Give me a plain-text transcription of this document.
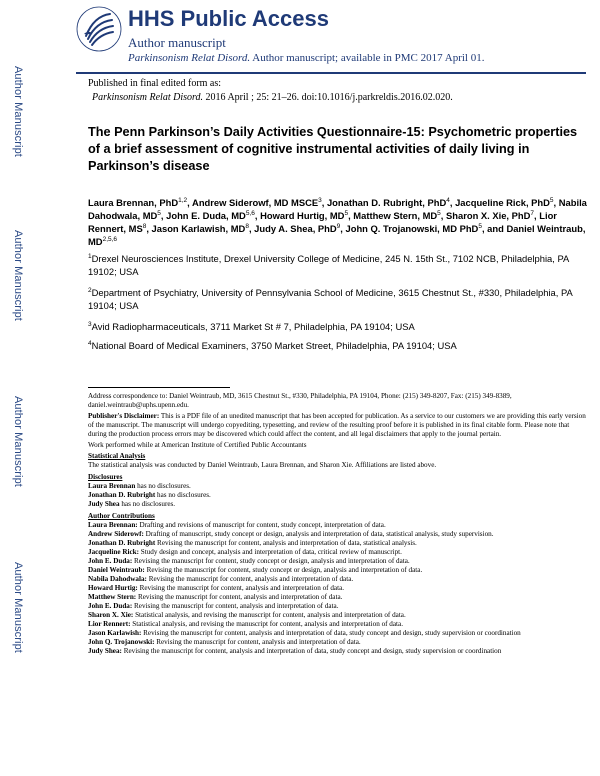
Author Manuscript
Author Manuscript
Author Manuscript
Author Manuscript
HHS Public Access
Author manuscript
Parkinsonism Relat Disord. Author manuscript; available in PMC 2017 April 01.
Published in final edited form as:
Parkinsonism Relat Disord. 2016 April ; 25: 21–26. doi:10.1016/j.parkreldis.2016.02.020.
The Penn Parkinson’s Daily Activities Questionnaire-15: Psychometric properties of a brief assessment of cognitive instrumental activities of daily living in Parkinson’s disease
Laura Brennan, PhD$^{1,2}$, Andrew Siderowf, MD MSCE$^3$, Jonathan D. Rubright, PhD$^4$, Jacqueline Rick, PhD$^5$, Nabila Dahodwala, $MD^5$, John E. Duda, MD$^{5,6}$, Howard Hurtig, $MD^5$, Matthew Stern, $MD^5$, Sharon X. Xie, PhD$^7$, Lior Rennert, $MS^8$, Jason Karlawish, $MD^8$, Judy A. Shea, PhD$^9$, John Q. Trojanowski, MD PhD$^5$, and Daniel Weintraub, MD$^{2,5,6}$
$^1$Drexel Neurosciences Institute, Drexel University College of Medicine, 245 N. 15th St., 7102 NCB, Philadelphia, PA 19102; USA
$^2$Department of Psychiatry, University of Pennsylvania School of Medicine, 3615 Chestnut St., #330, Philadelphia, PA 19104; USA
$^3$Avid Radiopharmaceuticals, 3711 Market St # 7, Philadelphia, PA 19104; USA
$^4$National Board of Medical Examiners, 3750 Market Street, Philadelphia, PA 19104; USA

Address correspondence to: Daniel Weintraub, MD, 3615 Chestnut St., #330, Philadelphia, PA 19104, Phone: (215) 349-8207, Fax: (215) 349-8389, daniel.weintraub@uphs.upenn.edu.

Publisher's Disclaimer: This is a PDF file of an unedited manuscript that has been accepted for publication. As a service to our customers we are providing this early version of the manuscript. The manuscript will undergo copyediting, typesetting, and review of the resulting proof before it is published in its final citable form. Please note that during the production process errors may be discovered which could affect the content, and all legal disclaimers that apply to the journal pertain.

Work performed while at American Institute of Certified Public Accountants

Statistical Analysis
The statistical analysis was conducted by Daniel Weintraub, Laura Brennan, and Sharon Xie. Affiliations are listed above.
Disclosures
Laura Brennan has no disclosures.
Jonathan D. Rubright has no disclosures.
Judy Shea has no disclosures.
Author Contributions
Laura Brennan: Drafting and revisions of manuscript for content, study concept, interpretation of data.
Andrew Siderowf: Drafting of manuscript, study concept or design, analysis and interpretation of data, statistical analysis, study supervision.
Jonathan D. Rubright Revising the manuscript for content, analysis and interpretation of data, statistical analysis.
Jacqueline Rick: Study design and concept, analysis and interpretation of data, critical review of manuscript.
John E. Duda: Revising the manuscript for content, study concept or design, analysis and interpretation of data.
Daniel Weintraub: Revising the manuscript for content, study concept or design, analysis and interpretation of data.
Nabila Dahodwala: Revising the manuscript for content, analysis and interpretation of data.
Howard Hurtig: Revising the manuscript for content, analysis and interpretation of data.
Matthew Stern: Revising the manuscript for content, analysis and interpretation of data.
John E. Duda: Revising the manuscript for content, analysis and interpretation of data.
Sharon X. Xie: Statistical analysis, and revising the manuscript for content, analysis and interpretation of data.
Lior Rennert: Statistical analysis, and revising the manuscript for content, analysis and interpretation of data.
Jason Karlawish: Revising the manuscript for content, analysis and interpretation of data, study concept and design, study supervision or coordination
John Q. Trojanowski: Revising the manuscript for content, analysis and interpretation of data.
Judy Shea: Revising the manuscript for content, analysis and interpretation of data, study concept and design, study supervision or coordination
